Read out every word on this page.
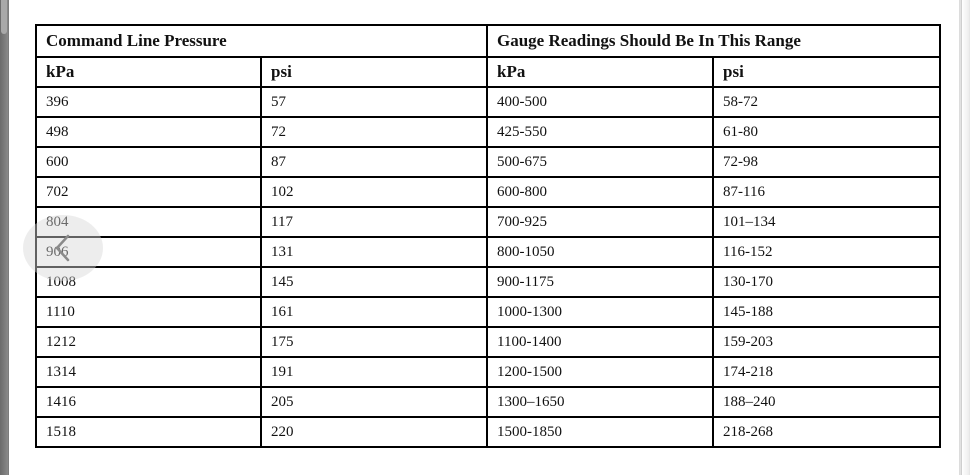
Command Line Pressure		Gauge Readings Should Be In This Range	
kPa	psi	kPa	psi
396	57	400-500	58-72
498	72	425-550	61-80
600	87	500-675	72-98
702	102	600-800	87-116
804	117	700-925	101–134
906	131	800-1050	116-152
1008	145	900-1175	130-170
1110	161	1000-1300	145-188
1212	175	1100-1400	159-203
1314	191	1200-1500	174-218
1416	205	1300–1650	188–240
1518	220	1500-1850	218-268
